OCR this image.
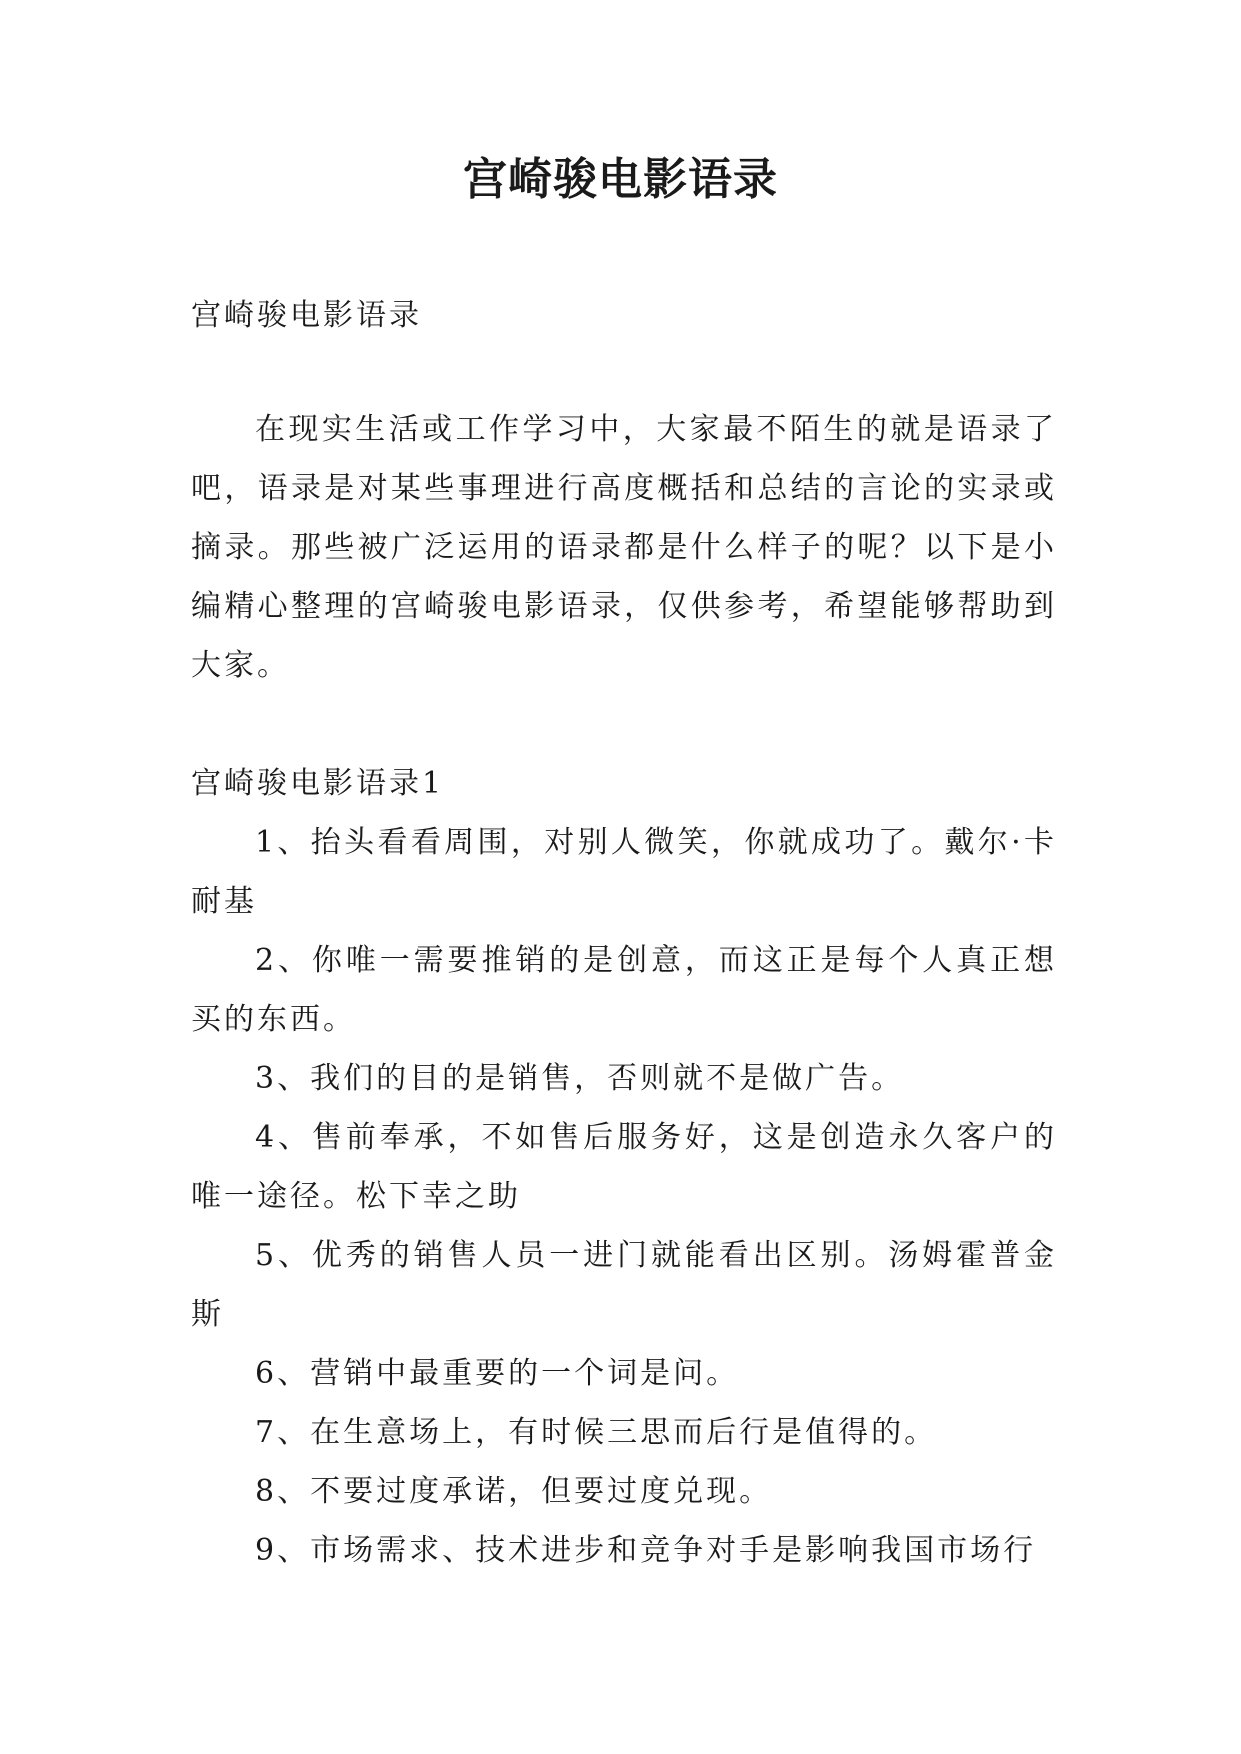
宫崎骏电影语录
宫崎骏电影语录

在现实生活或工作学习中，大家最不陌生的就是语录了吧，语录是对某些事理进行高度概括和总结的言论的实录或摘录。那些被广泛运用的语录都是什么样子的呢？以下是小编精心整理的宫崎骏电影语录，仅供参考，希望能够帮助到大家。

宫崎骏电影语录1
1、抬头看看周围，对别人微笑，你就成功了。戴尔·卡耐基
2、你唯一需要推销的是创意，而这正是每个人真正想买的东西。
3、我们的目的是销售，否则就不是做广告。
4、售前奉承，不如售后服务好，这是创造永久客户的唯一途径。松下幸之助
5、优秀的销售人员一进门就能看出区别。汤姆霍普金斯
6、营销中最重要的一个词是问。
7、在生意场上，有时候三思而后行是值得的。
8、不要过度承诺，但要过度兑现。
9、市场需求、技术进步和竞争对手是影响我国市场行
